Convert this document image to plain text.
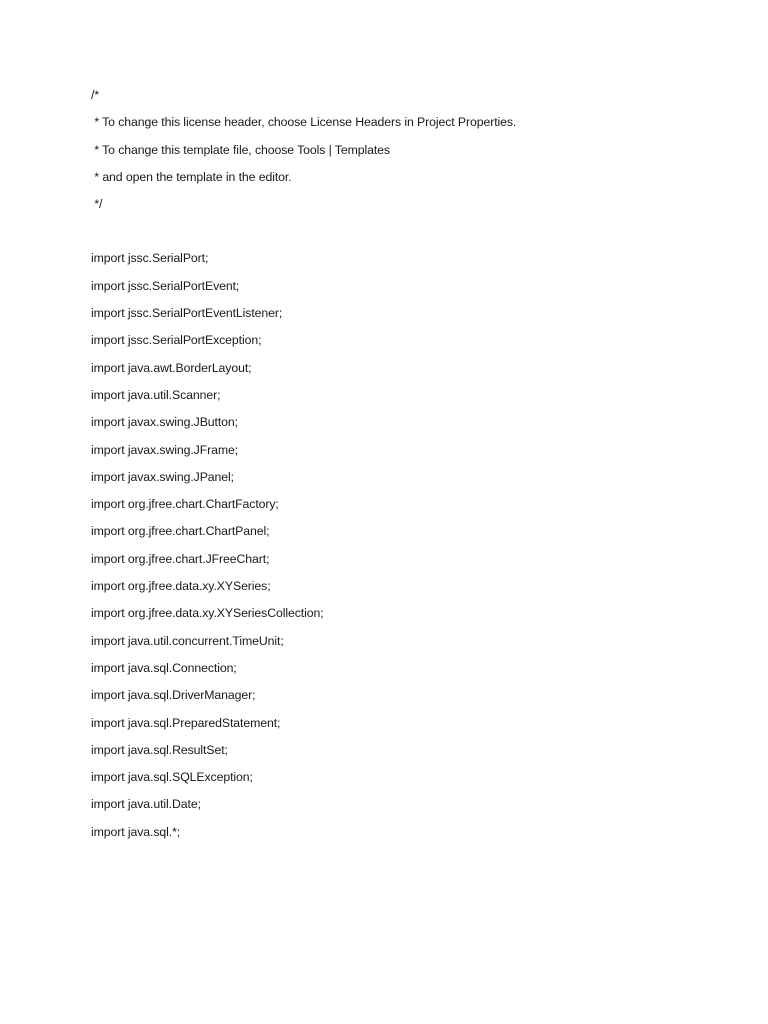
/*
* To change this license header, choose License Headers in Project Properties.
* To change this template file, choose Tools | Templates
* and open the template in the editor.
*/
import jssc.SerialPort;
import jssc.SerialPortEvent;
import jssc.SerialPortEventListener;
import jssc.SerialPortException;
import java.awt.BorderLayout;
import java.util.Scanner;
import javax.swing.JButton;
import javax.swing.JFrame;
import javax.swing.JPanel;
import org.jfree.chart.ChartFactory;
import org.jfree.chart.ChartPanel;
import org.jfree.chart.JFreeChart;
import org.jfree.data.xy.XYSeries;
import org.jfree.data.xy.XYSeriesCollection;
import java.util.concurrent.TimeUnit;
import java.sql.Connection;
import java.sql.DriverManager;
import java.sql.PreparedStatement;
import java.sql.ResultSet;
import java.sql.SQLException;
import java.util.Date;
import java.sql.*;
